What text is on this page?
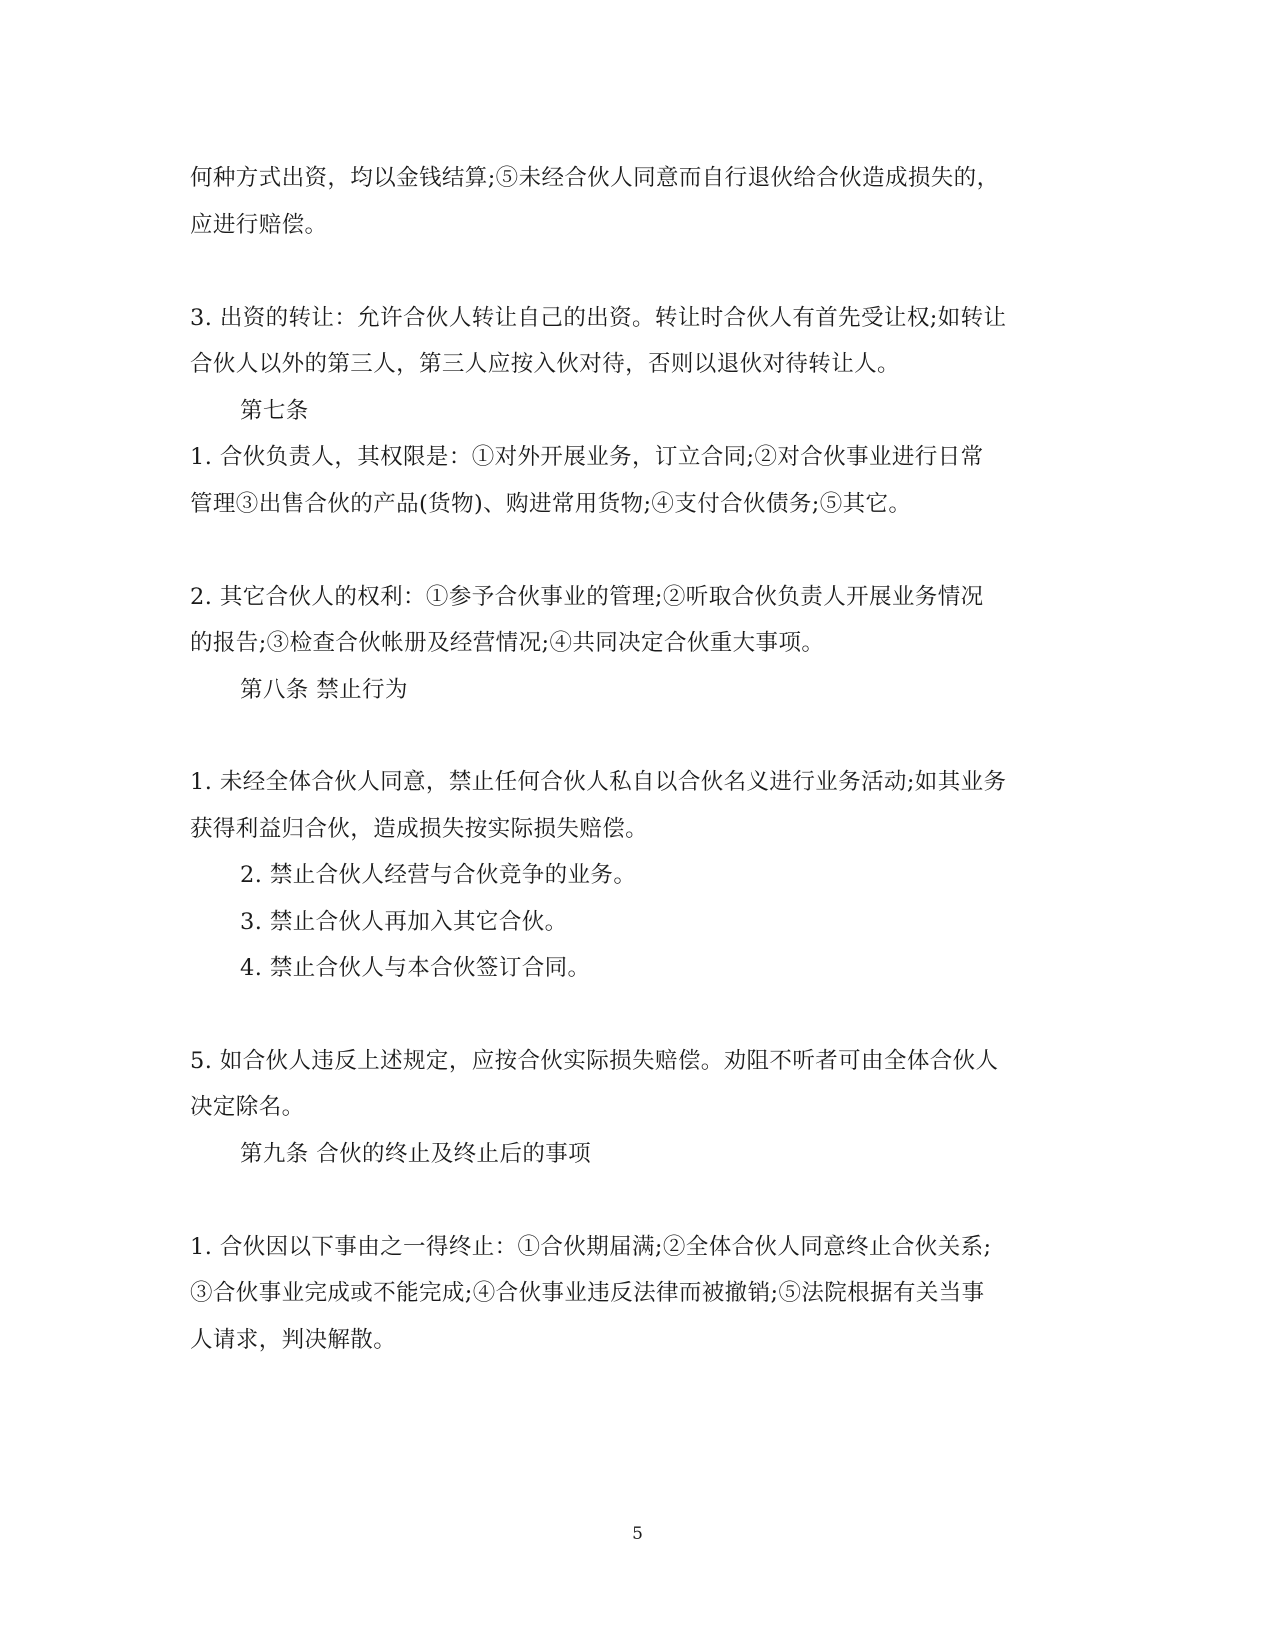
何种方式出资，均以金钱结算;⑤未经合伙人同意而自行退伙给合伙造成损失的，
应进行赔偿。
3. 出资的转让：允许合伙人转让自己的出资。转让时合伙人有首先受让权;如转让
合伙人以外的第三人，第三人应按入伙对待，否则以退伙对待转让人。
第七条
1. 合伙负责人，其权限是：①对外开展业务，订立合同;②对合伙事业进行日常
管理③出售合伙的产品(货物)、购进常用货物;④支付合伙债务;⑤其它。
2. 其它合伙人的权利：①参予合伙事业的管理;②听取合伙负责人开展业务情况
的报告;③检查合伙帐册及经营情况;④共同决定合伙重大事项。
第八条 禁止行为
1. 未经全体合伙人同意，禁止任何合伙人私自以合伙名义进行业务活动;如其业务
获得利益归合伙，造成损失按实际损失赔偿。
2. 禁止合伙人经营与合伙竞争的业务。
3. 禁止合伙人再加入其它合伙。
4. 禁止合伙人与本合伙签订合同。
5. 如合伙人违反上述规定，应按合伙实际损失赔偿。劝阻不听者可由全体合伙人
决定除名。
第九条 合伙的终止及终止后的事项
1. 合伙因以下事由之一得终止：①合伙期届满;②全体合伙人同意终止合伙关系;
③合伙事业完成或不能完成;④合伙事业违反法律而被撤销;⑤法院根据有关当事
人请求，判决解散。
5
